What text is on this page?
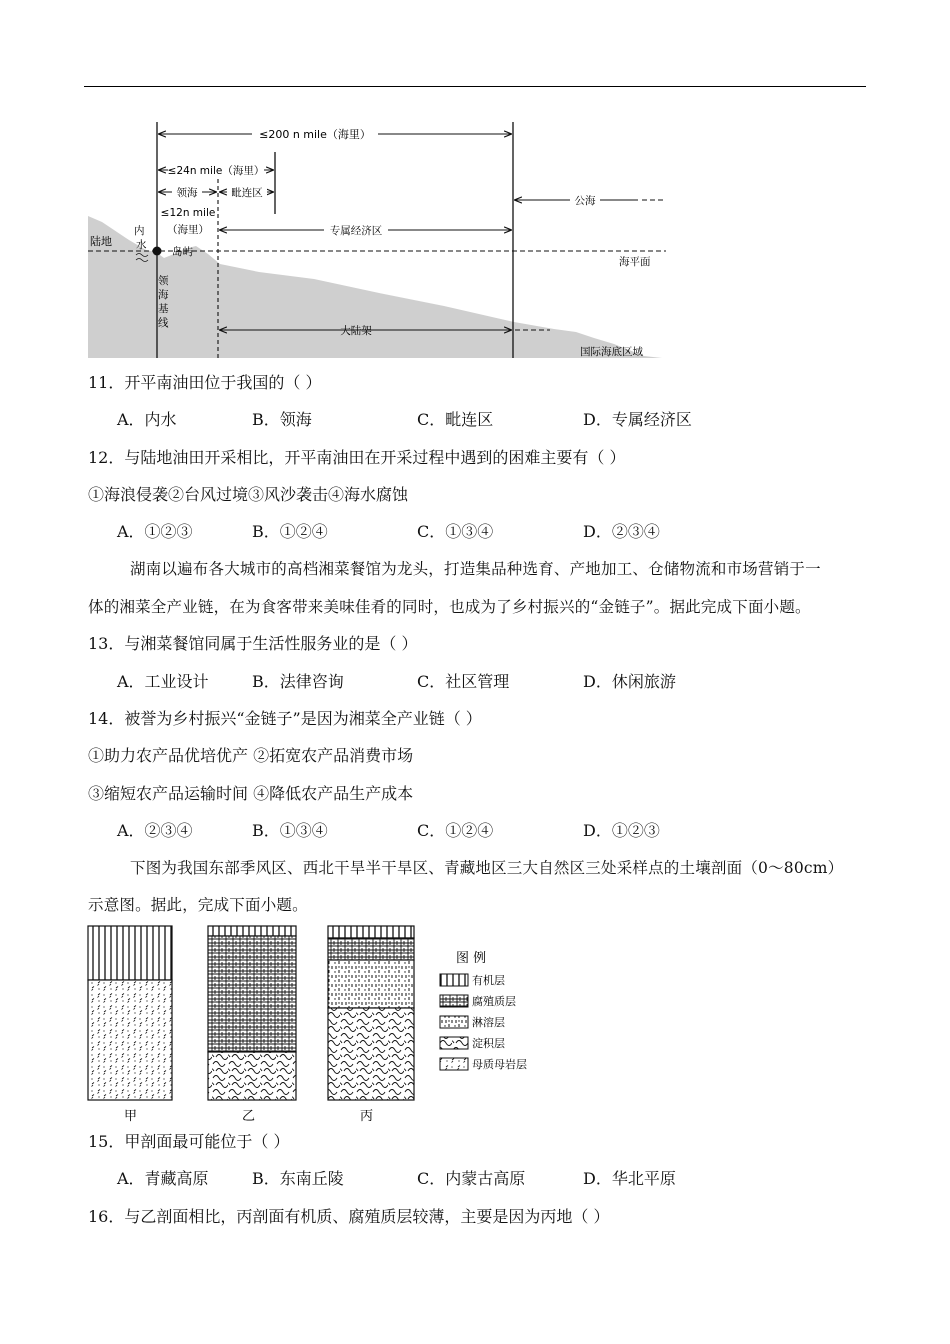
≤200 n mile（海里）
≤24n mile（海里）
领海	毗连区
≤12n mile
（海里）
公海
专属经济区
大陆架
陆地
内
水
岛屿
海平面
国际海底区域
领
海
基
线
11．开平南油田位于我国的（ ）
A．内水	B．领海	C．毗连区	D．专属经济区
12．与陆地油田开采相比，开平南油田在开采过程中遇到的困难主要有（ ）
①海浪侵袭②台风过境③风沙袭击④海水腐蚀
A．①②③	B．①②④	C．①③④	D．②③④
湖南以遍布各大城市的高档湘菜餐馆为龙头，打造集品种选育、产地加工、仓储物流和市场营销于一
体的湘菜全产业链，在为食客带来美味佳肴的同时，也成为了乡村振兴的“金链子”。据此完成下面小题。
13．与湘菜餐馆同属于生活性服务业的是（ ）
A．工业设计	B．法律咨询	C．社区管理	D．休闲旅游
14．被誉为乡村振兴“金链子”是因为湘菜全产业链（ ）
①助力农产品优培优产 ②拓宽农产品消费市场
③缩短农产品运输时间 ④降低农产品生产成本
A．②③④	B．①③④	C．①②④	D．①②③
下图为我国东部季风区、西北干旱半干旱区、青藏地区三大自然区三处采样点的土壤剖面（0～80cm）
示意图。据此，完成下面小题。
甲	乙	丙
图 例
有机层
腐殖质层
淋溶层
淀积层
母质母岩层
15．甲剖面最可能位于（ ）
A．青藏高原	B．东南丘陵	C．内蒙古高原	D．华北平原
16．与乙剖面相比，丙剖面有机质、腐殖质层较薄，主要是因为丙地（ ）
